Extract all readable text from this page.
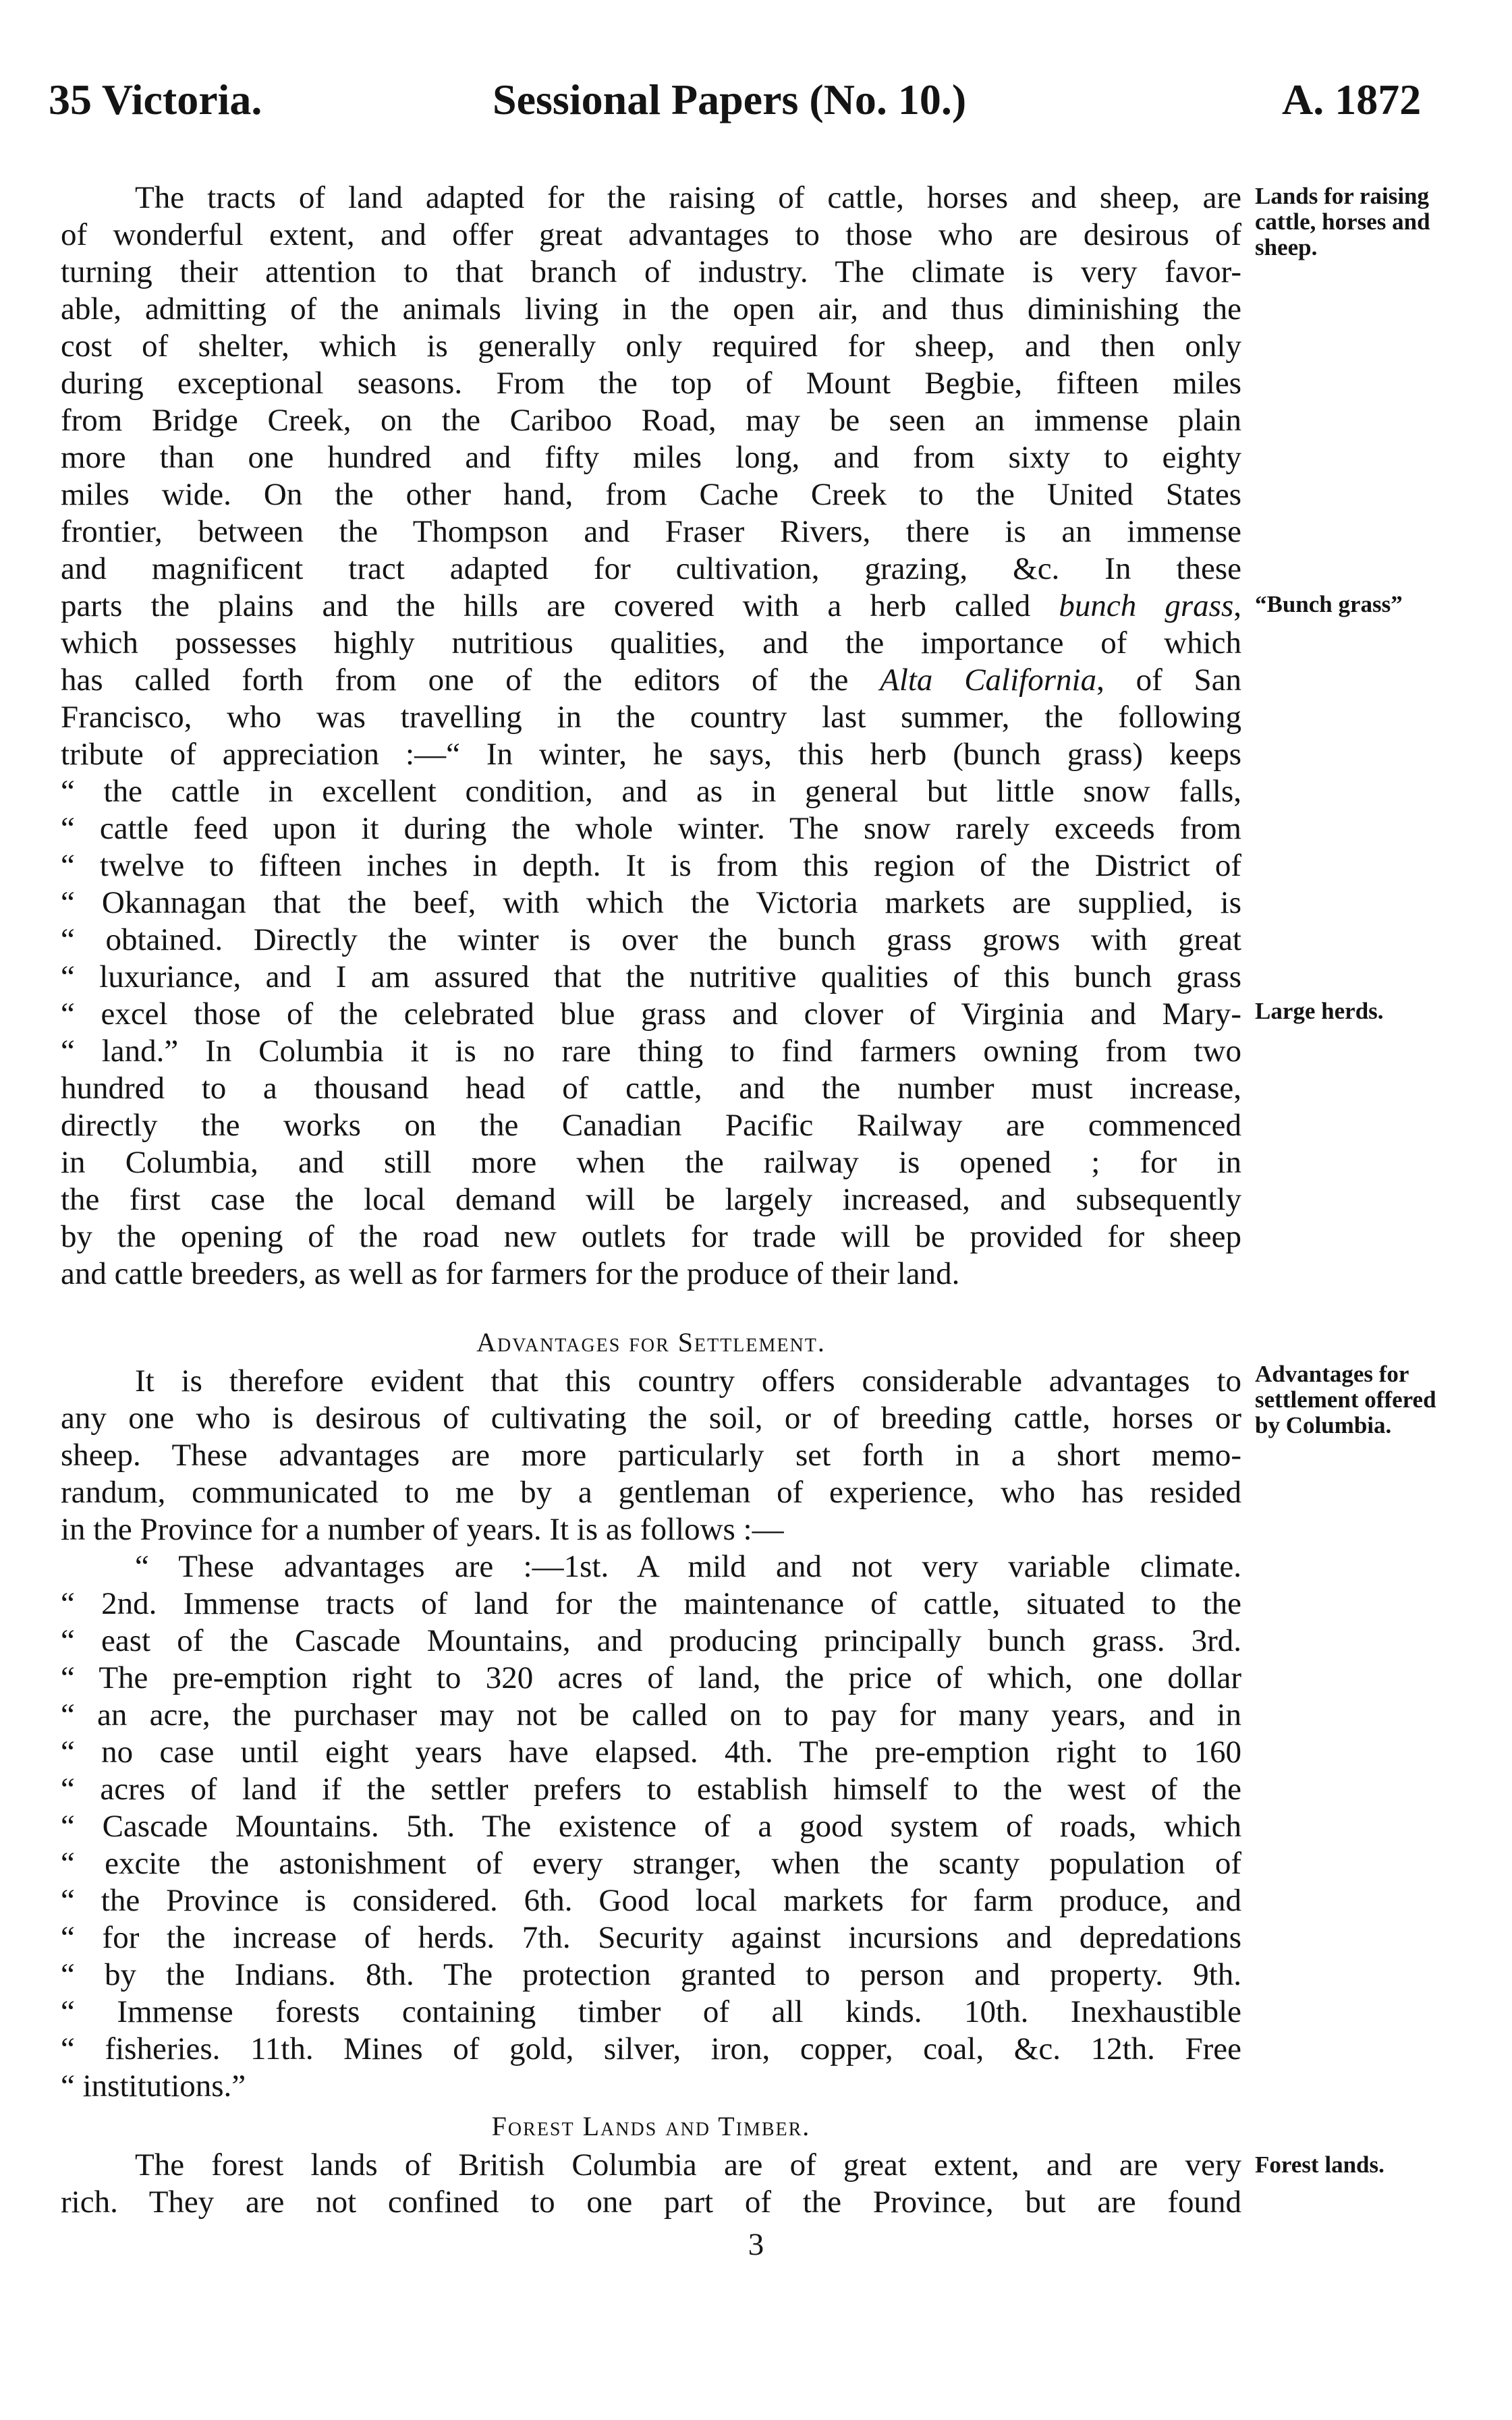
35 Victoria.	Sessional Papers (No. 10.)	A. 1872
The tracts of land adapted for the raising of cattle, horses and sheep, are
of wonderful extent, and offer great advantages to those who are desirous of
turning their attention to that branch of industry. The climate is very favor-
able, admitting of the animals living in the open air, and thus diminishing the
cost of shelter, which is generally only required for sheep, and then only
during exceptional seasons. From the top of Mount Begbie, fifteen miles
from Bridge Creek, on the Cariboo Road, may be seen an immense plain
more than one hundred and fifty miles long, and from sixty to eighty
miles wide. On the other hand, from Cache Creek to the United States
frontier, between the Thompson and Fraser Rivers, there is an immense
and magnificent tract adapted for cultivation, grazing, &c. In these
parts the plains and the hills are covered with a herb called bunch grass,
which possesses highly nutritious qualities, and the importance of which
has called forth from one of the editors of the Alta California, of San
Francisco, who was travelling in the country last summer, the following
tribute of appreciation :—“ In winter, he says, this herb (bunch grass) keeps
“ the cattle in excellent condition, and as in general but little snow falls,
“ cattle feed upon it during the whole winter. The snow rarely exceeds from
“ twelve to fifteen inches in depth. It is from this region of the District of
“ Okannagan that the beef, with which the Victoria markets are supplied, is
“ obtained. Directly the winter is over the bunch grass grows with great
“ luxuriance, and I am assured that the nutritive qualities of this bunch grass
“ excel those of the celebrated blue grass and clover of Virginia and Mary-
“ land.” In Columbia it is no rare thing to find farmers owning from two
hundred to a thousand head of cattle, and the number must increase,
directly the works on the Canadian Pacific Railway are commenced
in Columbia, and still more when the railway is opened ; for in
the first case the local demand will be largely increased, and subsequently
by the opening of the road new outlets for trade will be provided for sheep
and cattle breeders, as well as for farmers for the produce of their land.
Advantages for Settlement.
It is therefore evident that this country offers considerable advantages to
any one who is desirous of cultivating the soil, or of breeding cattle, horses or
sheep. These advantages are more particularly set forth in a short memo-
randum, communicated to me by a gentleman of experience, who has resided
in the Province for a number of years. It is as follows :—
“ These advantages are :—1st. A mild and not very variable climate.
“ 2nd. Immense tracts of land for the maintenance of cattle, situated to the
“ east of the Cascade Mountains, and producing principally bunch grass. 3rd.
“ The pre-emption right to 320 acres of land, the price of which, one dollar
“ an acre, the purchaser may not be called on to pay for many years, and in
“ no case until eight years have elapsed. 4th. The pre-emption right to 160
“ acres of land if the settler prefers to establish himself to the west of the
“ Cascade Mountains. 5th. The existence of a good system of roads, which
“ excite the astonishment of every stranger, when the scanty population of
“ the Province is considered. 6th. Good local markets for farm produce, and
“ for the increase of herds. 7th. Security against incursions and depredations
“ by the Indians. 8th. The protection granted to person and property. 9th.
“ Immense forests containing timber of all kinds. 10th. Inexhaustible
“ fisheries. 11th. Mines of gold, silver, iron, copper, coal, &c. 12th. Free
“ institutions.”
Forest Lands and Timber.
The forest lands of British Columbia are of great extent, and are very
rich. They are not confined to one part of the Province, but are found
Lands for raising cattle, horses and sheep.
“Bunch grass”
Large herds.
Advantages for settlement offered by Columbia.
Forest lands.
3
